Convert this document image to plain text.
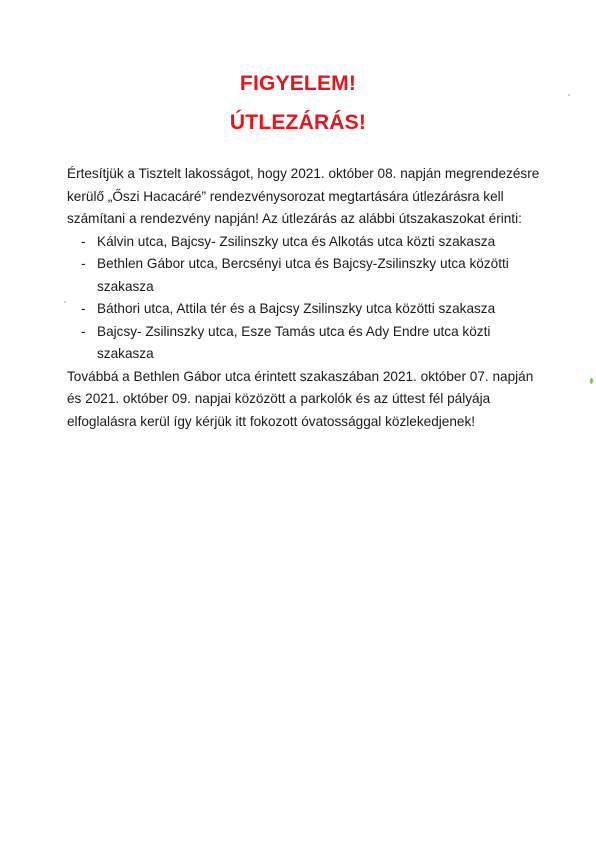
FIGYELEM!
ÚTLEZÁRÁS!

Értesítjük a Tisztelt lakosságot, hogy 2021. október 08. napján megrendezésre kerülő „Őszi Hacacáré” rendezvénysorozat megtartására útlezárásra kell számítani a rendezvény napján! Az útlezárás az alábbi útszakaszokat érinti:

- Kálvin utca, Bajcsy- Zsilinszky utca és Alkotás utca közti szakasza
- Bethlen Gábor utca, Bercsényi utca és Bajcsy-Zsilinszky utca közötti szakasza
- Báthori utca, Attila tér és a Bajcsy Zsilinszky utca közötti szakasza
- Bajcsy- Zsilinszky utca, Esze Tamás utca és Ady Endre utca közti szakasza

Továbbá a Bethlen Gábor utca érintett szakaszában 2021. október 07. napján és 2021. október 09. napjai közözött a parkolók és az úttest fél pályája elfoglalásra kerül így kérjük itt fokozott óvatossággal közlekedjenek!
